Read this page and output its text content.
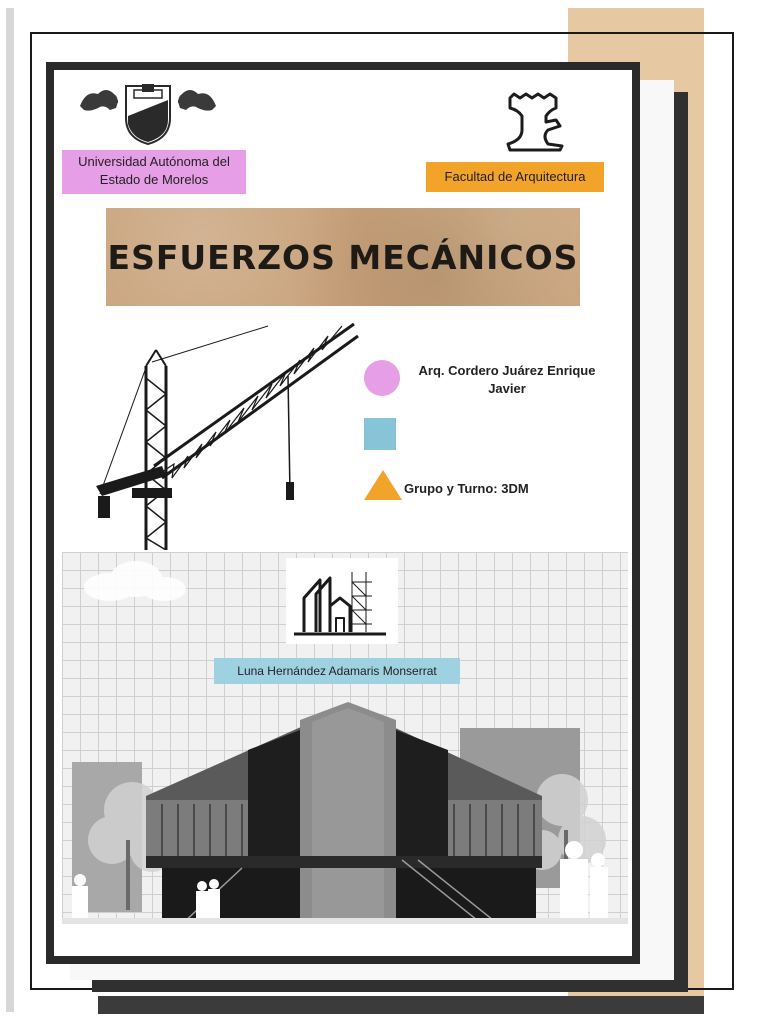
Universidad Autónoma del Estado de Morelos	Facultad de Arquitectura
ESFUERZOS MECÁNICOS
Arq. Cordero Juárez Enrique Javier
Grupo y Turno: 3DM
Luna Hernández Adamaris Monserrat
